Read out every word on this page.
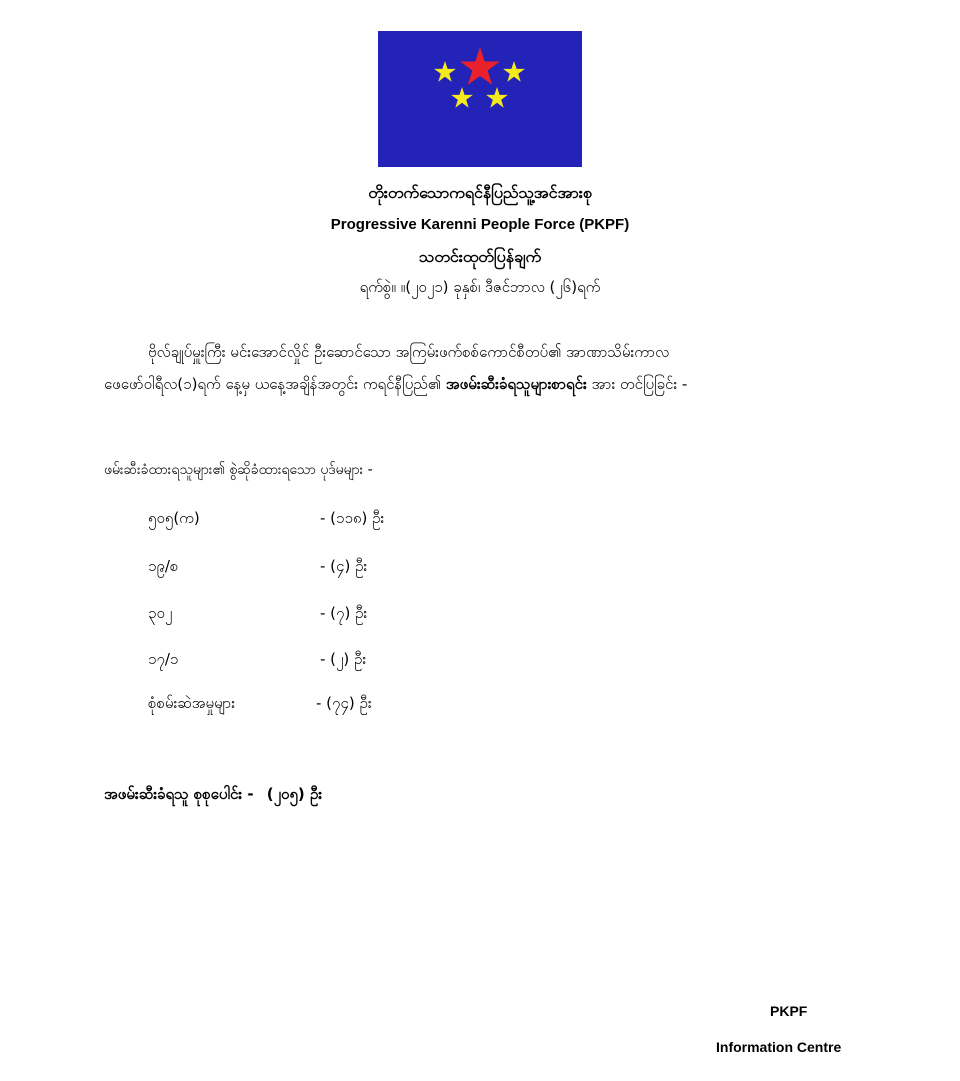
တိုးတက်သောကရင်နီပြည်သူ့အင်အားစု
Progressive Karenni People Force (PKPF)
သတင်းထုတ်ပြန်ချက်
ရက်စွဲ။ ။(၂၀၂၁) ခုနှစ်၊ ဒီဇင်ဘာလ (၂၆)ရက်

ဗိုလ်ချုပ်မှူးကြီး မင်းအောင်လှိုင် ဦးဆောင်သော အကြမ်းဖက်စစ်ကောင်စီတပ်၏ အာဏာသိမ်းကာလ

ဖေဖော်ဝါရီလ(၁)ရက် နေ့မှ ယနေ့အချိန်အတွင်း ကရင်နီပြည်၏ အဖမ်းဆီးခံရသူများစာရင်း အား တင်ပြခြင်း -

ဖမ်းဆီးခံထားရသူများ၏ စွဲဆိုခံထားရသော ပုဒ်မများ -
၅၀၅(က)	- (၁၁၈) ဦး
၁၉/စ	- (၄) ဦး
၃၀၂	- (၇) ဦး
၁၇/၁	- (၂) ဦး
စုံစမ်းဆဲအမှုများ	- (၇၄) ဦး
အဖမ်းဆီးခံရသူ စုစုပေါင်း - (၂၀၅) ဦး
PKPF
Information Centre
